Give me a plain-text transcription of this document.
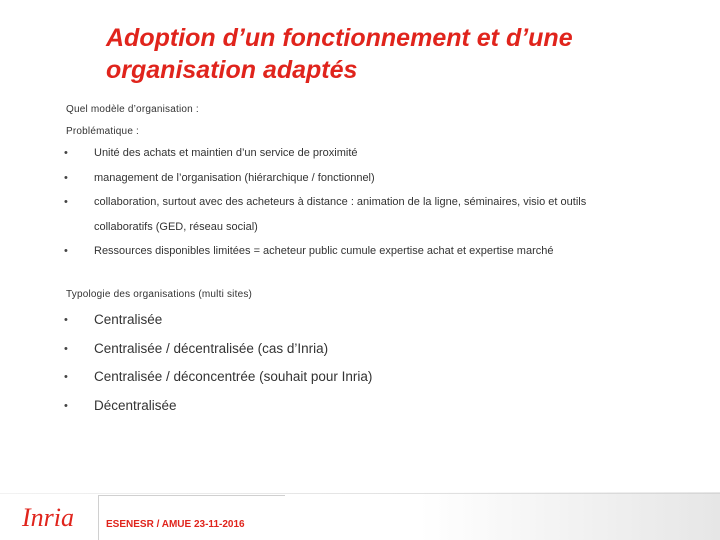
Adoption d’un fonctionnement et d’une
organisation adaptés
Quel modèle d’organisation :
Problématique :
• Unité des achats et maintien d’un service de proximité
• management de l’organisation (hiérarchique / fonctionnel)
• collaboration, surtout avec des acheteurs à distance : animation de la ligne, séminaires, visio et outils
collaboratifs (GED, réseau social)
• Ressources disponibles limitées = acheteur public cumule expertise achat et expertise marché
Typologie des organisations (multi sites)
• Centralisée
• Centralisée / décentralisée (cas d’Inria)
• Centralisée / déconcentrée (souhait pour Inria)
• Décentralisée
Inria	ESENESR / AMUE 23-11-2016
